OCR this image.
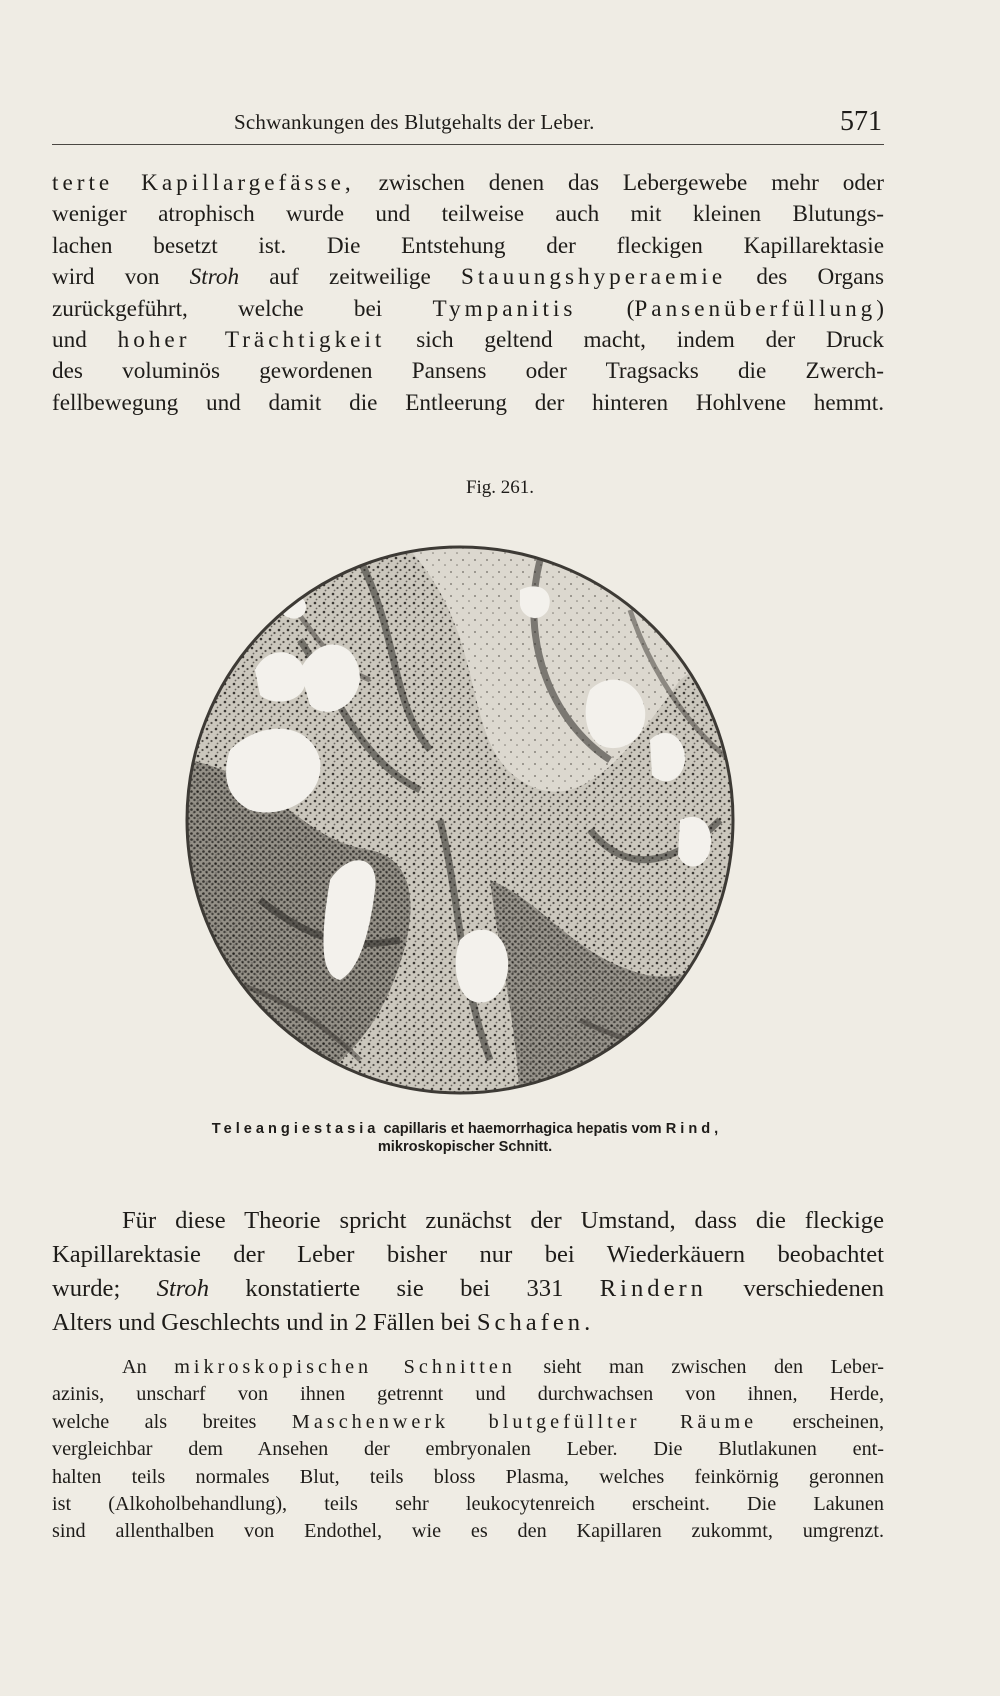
Schwankungen des Blutgehalts der Leber.	571
terte Kapillargefässe, zwischen denen das Lebergewebe mehr oder
weniger atrophisch wurde und teilweise auch mit kleinen Blutungs-
lachen besetzt ist. Die Entstehung der fleckigen Kapillarektasie
wird von Stroh auf zeitweilige Stauungshyperaemie des Organs
zurückgeführt, welche bei Tympanitis (Pansenüberfüllung)
und hoher Trächtigkeit sich geltend macht, indem der Druck
des voluminös gewordenen Pansens oder Tragsacks die Zwerch-
fellbewegung und damit die Entleerung der hinteren Hohlvene hemmt.
Fig. 261.
Teleangiestasia capillaris et haemorrhagica hepatis vom Rind,
mikroskopischer Schnitt.
Für diese Theorie spricht zunächst der Umstand, dass die fleckige
Kapillarektasie der Leber bisher nur bei Wiederkäuern beobachtet
wurde; Stroh konstatierte sie bei 331 Rindern verschiedenen
Alters und Geschlechts und in 2 Fällen bei Schafen.
An mikroskopischen Schnitten sieht man zwischen den Leber-
azinis, unscharf von ihnen getrennt und durchwachsen von ihnen, Herde,
welche als breites Maschenwerk blutgefüllter Räume erscheinen,
vergleichbar dem Ansehen der embryonalen Leber. Die Blutlakunen ent-
halten teils normales Blut, teils bloss Plasma, welches feinkörnig geronnen
ist (Alkoholbehandlung), teils sehr leukocytenreich erscheint. Die Lakunen
sind allenthalben von Endothel, wie es den Kapillaren zukommt, umgrenzt.
